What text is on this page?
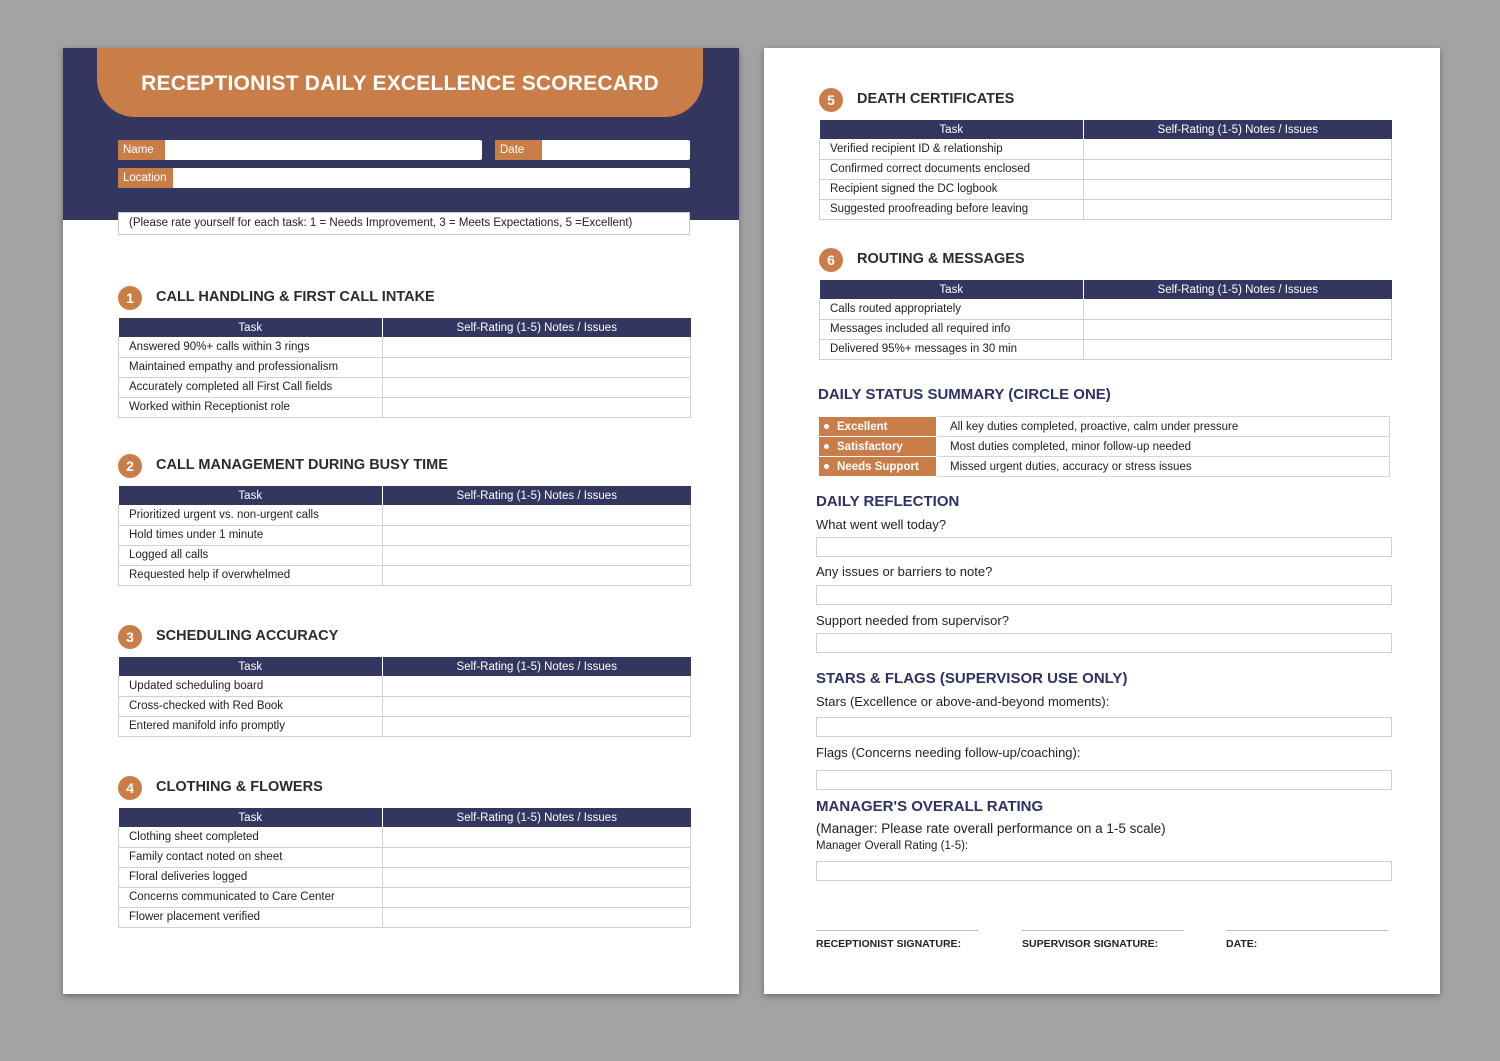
RECEPTIONIST DAILY EXCELLENCE SCORECARD
Name	Date
Location
(Please rate yourself for each task: 1 = Needs Improvement, 3 = Meets Expectations, 5 =Excellent)
1	CALL HANDLING & FIRST CALL INTAKE
Task	Self-Rating (1-5) Notes / Issues
Answered 90%+ calls within 3 rings	
Maintained empathy and professionalism	
Accurately completed all First Call fields	
Worked within Receptionist role	
2	CALL MANAGEMENT DURING BUSY TIME
Task	Self-Rating (1-5) Notes / Issues
Prioritized urgent vs. non-urgent calls	
Hold times under 1 minute	
Logged all calls	
Requested help if overwhelmed	
3	SCHEDULING ACCURACY
Task	Self-Rating (1-5) Notes / Issues
Updated scheduling board	
Cross-checked with Red Book	
Entered manifold info promptly	
4	CLOTHING & FLOWERS
Task	Self-Rating (1-5) Notes / Issues
Clothing sheet completed	
Family contact noted on sheet	
Floral deliveries logged	
Concerns communicated to Care Center	
Flower placement verified	
5	DEATH CERTIFICATES
Task	Self-Rating (1-5) Notes / Issues
Verified recipient ID & relationship	
Confirmed correct documents enclosed	
Recipient signed the DC logbook	
Suggested proofreading before leaving	
6	ROUTING & MESSAGES
Task	Self-Rating (1-5) Notes / Issues
Calls routed appropriately	
Messages included all required info	
Delivered 95%+ messages in 30 min	
DAILY STATUS SUMMARY (CIRCLE ONE)
Excellent	All key duties completed, proactive, calm under pressure
Satisfactory	Most duties completed, minor follow-up needed
Needs Support	Missed urgent duties, accuracy or stress issues
DAILY REFLECTION
What went well today?
Any issues or barriers to note?
Support needed from supervisor?
STARS & FLAGS (SUPERVISOR USE ONLY)
Stars (Excellence or above-and-beyond moments):
Flags (Concerns needing follow-up/coaching):
MANAGER'S OVERALL RATING
(Manager: Please rate overall performance on a 1-5 scale)
Manager Overall Rating (1-5):
RECEPTIONIST SIGNATURE:	SUPERVISOR SIGNATURE:	DATE:
